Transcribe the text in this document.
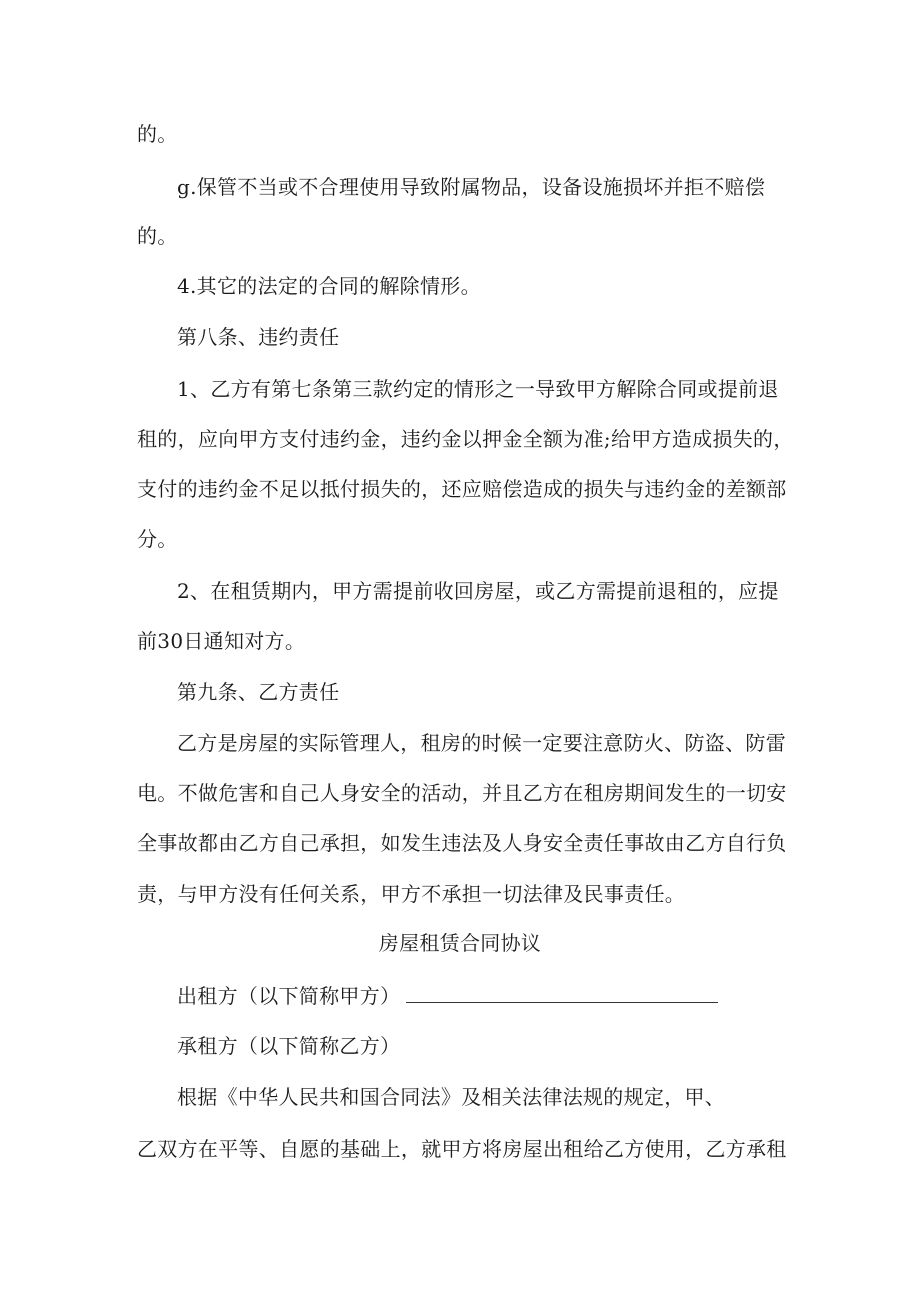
的。
g.保管不当或不合理使用导致附属物品，设备设施损坏并拒不赔偿
的。
4.其它的法定的合同的解除情形。
第八条、违约责任
1、乙方有第七条第三款约定的情形之一导致甲方解除合同或提前退
租的，应向甲方支付违约金，违约金以押金全额为准;给甲方造成损失的，
支付的违约金不足以抵付损失的，还应赔偿造成的损失与违约金的差额部
分。
2、在租赁期内，甲方需提前收回房屋，或乙方需提前退租的，应提
前30日通知对方。
第九条、乙方责任
乙方是房屋的实际管理人，租房的时候一定要注意防火、防盗、防雷
电。不做危害和自己人身安全的活动，并且乙方在租房期间发生的一切安
全事故都由乙方自己承担，如发生违法及人身安全责任事故由乙方自行负
责，与甲方没有任何关系，甲方不承担一切法律及民事责任。
房屋租赁合同协议
出租方（以下简称甲方）
承租方（以下简称乙方）
根据《中华人民共和国合同法》及相关法律法规的规定，甲、
乙双方在平等、自愿的基础上，就甲方将房屋出租给乙方使用，乙方承租
